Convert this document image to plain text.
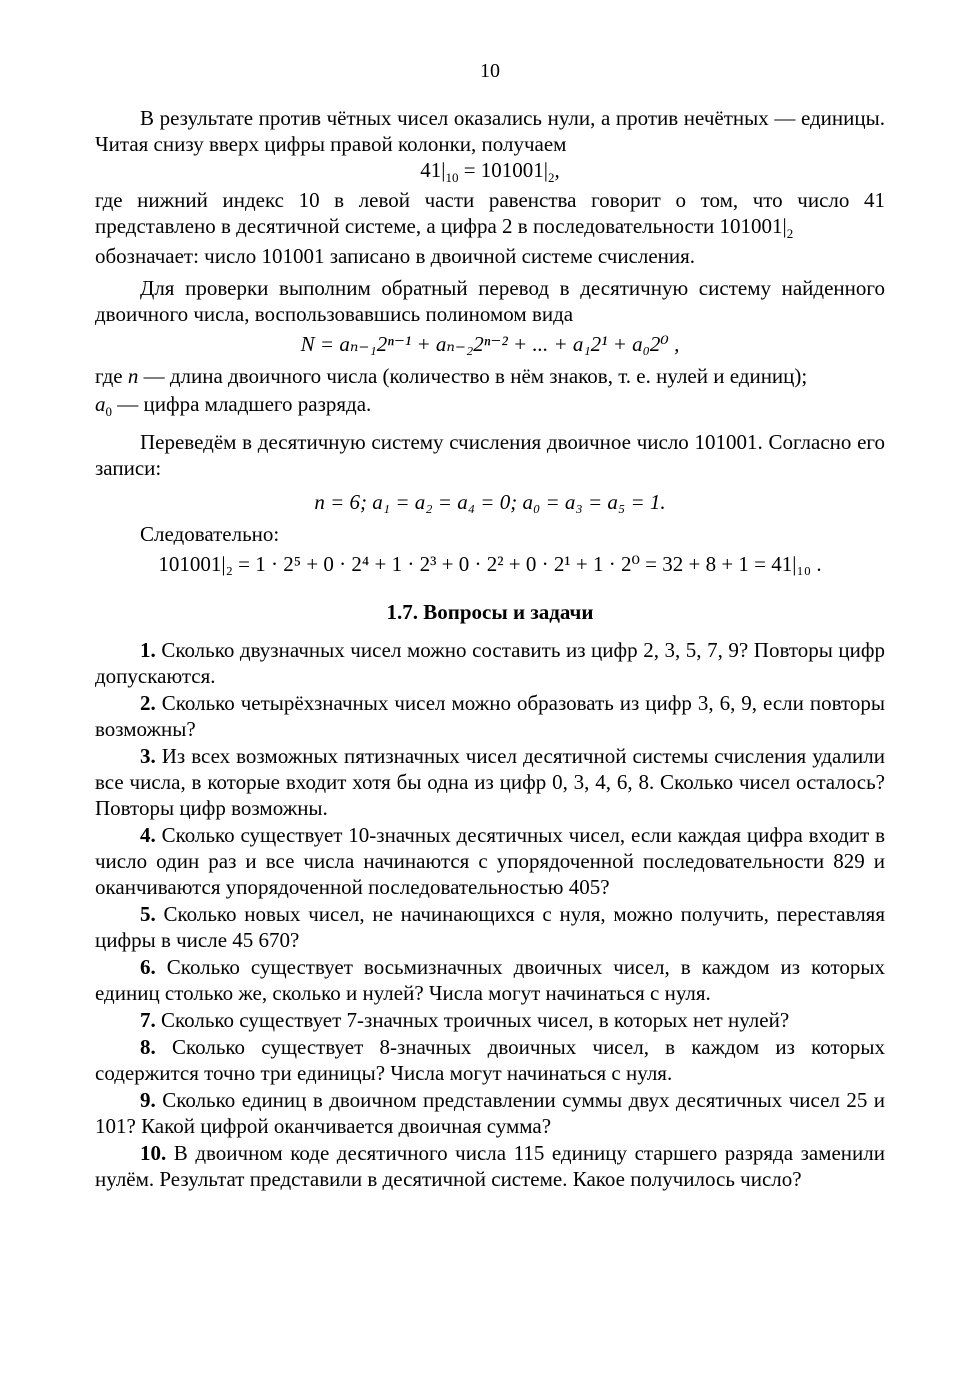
10

В результате против чётных чисел оказались нули, а против нечётных — единицы. Читая снизу вверх цифры правой колонки, получаем

$41|_{10} = 101001|_2$,

где нижний индекс 10 в левой части равенства говорит о том, что число 41 представлено в десятичной системе, а цифра 2 в последовательности $101001|_2$

обозначает: число 101001 записано в двоичной системе счисления.

Для проверки выполним обратный перевод в десятичную систему найденного двоичного числа, воспользовавшись полиномом вида

N = aₙ₋₁2ⁿ⁻¹ + aₙ₋₂2ⁿ⁻² + ... + a₁2¹ + a₀2⁰ ,

где n — длина двоичного числа (количество в нём знаков, т. е. нулей и единиц);

$a_0$ — цифра младшего разряда.

Переведём в десятичную систему счисления двоичное число 101001. Согласно его записи:

n = 6; a₁ = a₂ = a₄ = 0; a₀ = a₃ = a₅ = 1.

Следовательно:

101001|₂ = 1 · 2⁵ + 0 · 2⁴ + 1 · 2³ + 0 · 2² + 0 · 2¹ + 1 · 2⁰ = 32 + 8 + 1 = 41|₁₀ .

1.7. Вопросы и задачи

1. Сколько двузначных чисел можно составить из цифр 2, 3, 5, 7, 9? Повторы цифр допускаются.

2. Сколько четырёхзначных чисел можно образовать из цифр 3, 6, 9, если повторы возможны?

3. Из всех возможных пятизначных чисел десятичной системы счисления удалили все числа, в которые входит хотя бы одна из цифр 0, 3, 4, 6, 8. Сколько чисел осталось? Повторы цифр возможны.

4. Сколько существует 10-значных десятичных чисел, если каждая цифра входит в число один раз и все числа начинаются с упорядоченной последовательности 829 и оканчиваются упорядоченной последовательностью 405?

5. Сколько новых чисел, не начинающихся с нуля, можно получить, переставляя цифры в числе 45 670?

6. Сколько существует восьмизначных двоичных чисел, в каждом из которых единиц столько же, сколько и нулей? Числа могут начинаться с нуля.

7. Сколько существует 7-значных троичных чисел, в которых нет нулей?

8. Сколько существует 8-значных двоичных чисел, в каждом из которых содержится точно три единицы? Числа могут начинаться с нуля.

9. Сколько единиц в двоичном представлении суммы двух десятичных чисел 25 и 101? Какой цифрой оканчивается двоичная сумма?

10. В двоичном коде десятичного числа 115 единицу старшего разряда заменили нулём. Результат представили в десятичной системе. Какое получилось число?
